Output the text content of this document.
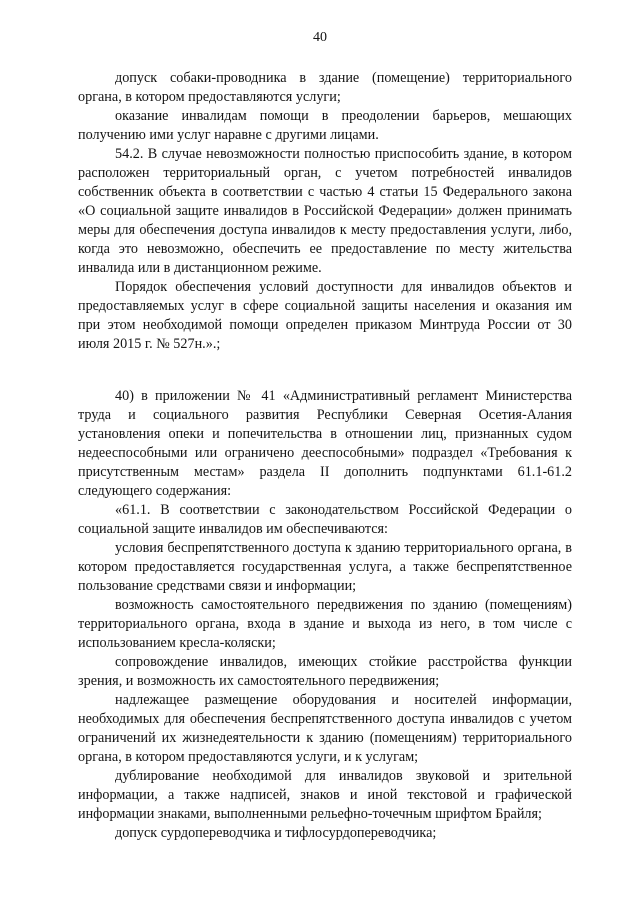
40

допуск собаки-проводника в здание (помещение) территориального органа, в котором предоставляются услуги;

оказание инвалидам помощи в преодолении барьеров, мешающих получению ими услуг наравне с другими лицами.

54.2. В случае невозможности полностью приспособить здание, в котором расположен территориальный орган, с учетом потребностей инвалидов собственник объекта в соответствии с частью 4 статьи 15 Федерального закона «О социальной защите инвалидов в Российской Федерации» должен принимать меры для обеспечения доступа инвалидов к месту предоставления услуги, либо, когда это невозможно, обеспечить ее предоставление по месту жительства инвалида или в дистанционном режиме.

Порядок обеспечения условий доступности для инвалидов объектов и предоставляемых услуг в сфере социальной защиты населения и оказания им при этом необходимой помощи определен приказом Минтруда России от 30 июля 2015 г. № 527н.».;

40) в приложении № 41 «Административный регламент Министерства труда и социального развития Республики Северная Осетия-Алания установления опеки и попечительства в отношении лиц, признанных судом недееспособными или ограничено дееспособными» подраздел «Требования к присутственным местам» раздела II дополнить подпунктами 61.1-61.2 следующего содержания:

«61.1. В соответствии с законодательством Российской Федерации о социальной защите инвалидов им обеспечиваются:

условия беспрепятственного доступа к зданию территориального органа, в котором предоставляется государственная услуга, а также беспрепятственное пользование средствами связи и информации;

возможность самостоятельного передвижения по зданию (помещениям) территориального органа, входа в здание и выхода из него, в том числе с использованием кресла-коляски;

сопровождение инвалидов, имеющих стойкие расстройства функции зрения, и возможность их самостоятельного передвижения;

надлежащее размещение оборудования и носителей информации, необходимых для обеспечения беспрепятственного доступа инвалидов с учетом ограничений их жизнедеятельности к зданию (помещениям) территориального органа, в котором предоставляются услуги, и к услугам;

дублирование необходимой для инвалидов звуковой и зрительной информации, а также надписей, знаков и иной текстовой и графической информации знаками, выполненными рельефно-точечным шрифтом Брайля;

допуск сурдопереводчика и тифлосурдопереводчика;
